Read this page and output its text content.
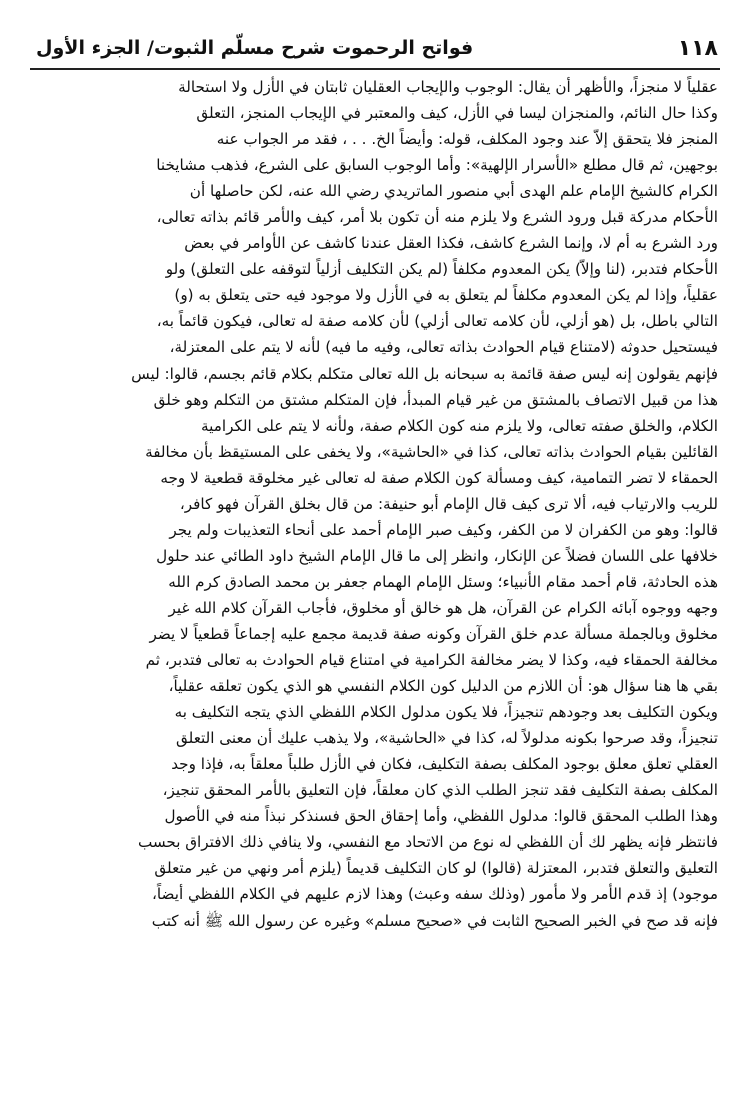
فواتح الرحموت شرح مسلّم الثبوت/ الجزء الأول	١١٨
عقلياً لا منجزاً، والأظهر أن يقال: الوجوب والإيجاب العقليان ثابتان في الأزل ولا استحالة
وكذا حال النائم، والمنجزان ليسا في الأزل، كيف والمعتبر في الإيجاب المنجز، التعلق
المنجز فلا يتحقق إلاّ عند وجود المكلف، قوله: وأيضاً الخ. . . ، فقد مر الجواب عنه
بوجهين، ثم قال مطلع «الأسرار الإلهية»: وأما الوجوب السابق على الشرع، فذهب مشايخنا
الكرام كالشيخ الإمام علم الهدى أبي منصور الماتريدي رضي الله عنه، لكن حاصلها أن
الأحكام مدركة قبل ورود الشرع ولا يلزم منه أن تكون بلا أمر، كيف والأمر قائم بذاته تعالى،
ورد الشرع به أم لا، وإنما الشرع كاشف، فكذا العقل عندنا كاشف عن الأوامر في بعض
الأحكام فتدبر، (لنا وإلاّ) يكن المعدوم مكلفاً (لم يكن التكليف أزلياً لتوقفه على التعلق) ولو
عقلياً، وإذا لم يكن المعدوم مكلفاً لم يتعلق به في الأزل ولا موجود فيه حتى يتعلق به (و)
التالي باطل، بل (هو أزلي، لأن كلامه تعالى أزلي) لأن كلامه صفة له تعالى، فيكون قائماً به،
فيستحيل حدوثه (لامتناع قيام الحوادث بذاته تعالى، وفيه ما فيه) لأنه لا يتم على المعتزلة،
فإنهم يقولون إنه ليس صفة قائمة به سبحانه بل الله تعالى متكلم بكلام قائم بجسم، قالوا: ليس
هذا من قبيل الاتصاف بالمشتق من غير قيام المبدأ، فإن المتكلم مشتق من التكلم وهو خلق
الكلام، والخلق صفته تعالى، ولا يلزم منه كون الكلام صفة، ولأنه لا يتم على الكرامية
القائلين بقيام الحوادث بذاته تعالى، كذا في «الحاشية»، ولا يخفى على المستيقظ بأن مخالفة
الحمقاء لا تضر التمامية، كيف ومسألة كون الكلام صفة له تعالى غير مخلوقة قطعية لا وجه
للريب والارتياب فيه، ألا ترى كيف قال الإمام أبو حنيفة: من قال بخلق القرآن فهو كافر،
قالوا: وهو من الكفران لا من الكفر، وكيف صبر الإمام أحمد على أنحاء التعذيبات ولم يجر
خلافها على اللسان فضلاً عن الإنكار، وانظر إلى ما قال الإمام الشيخ داود الطائي عند حلول
هذه الحادثة، قام أحمد مقام الأنبياء؛ وسئل الإمام الهمام جعفر بن محمد الصادق كرم الله
وجهه ووجوه آبائه الكرام عن القرآن، هل هو خالق أو مخلوق، فأجاب القرآن كلام الله غير
مخلوق وبالجملة مسألة عدم خلق القرآن وكونه صفة قديمة مجمع عليه إجماعاً قطعياً لا يضر
مخالفة الحمقاء فيه، وكذا لا يضر مخالفة الكرامية في امتناع قيام الحوادث به تعالى فتدبر، ثم
بقي ها هنا سؤال هو: أن اللازم من الدليل كون الكلام النفسي هو الذي يكون تعلقه عقلياً،
ويكون التكليف بعد وجودهم تنجيزاً، فلا يكون مدلول الكلام اللفظي الذي يتجه التكليف به
تنجيزاً، وقد صرحوا بكونه مدلولاً له، كذا في «الحاشية»، ولا يذهب عليك أن معنى التعلق
العقلي تعلق معلق بوجود المكلف بصفة التكليف، فكان في الأزل طلباً معلقاً به، فإذا وجد
المكلف بصفة التكليف فقد تنجز الطلب الذي كان معلقاً، فإن التعليق بالأمر المحقق تنجيز،
وهذا الطلب المحقق قالوا: مدلول اللفظي، وأما إحقاق الحق فسنذكر نبذاً منه في الأصول
فانتظر فإنه يظهر لك أن اللفظي له نوع من الاتحاد مع النفسي، ولا ينافي ذلك الافتراق بحسب
التعليق والتعلق فتدبر، المعتزلة (قالوا) لو كان التكليف قديماً (يلزم أمر ونهي من غير متعلق
موجود) إذ قدم الأمر ولا مأمور (وذلك سفه وعبث) وهذا لازم عليهم في الكلام اللفظي أيضاً،
فإنه قد صح في الخبر الصحيح الثابت في «صحيح مسلم» وغيره عن رسول الله ﷺ أنه كتب
